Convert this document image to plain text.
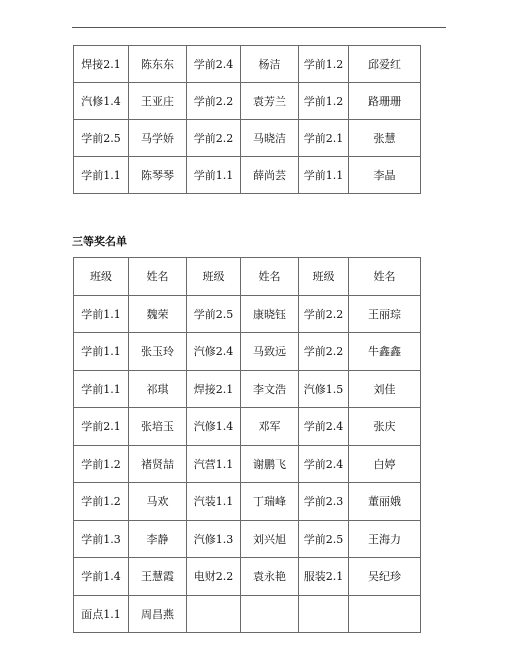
焊接2.1	陈东东	学前2.4	杨洁	学前1.2	邱爱红
汽修1.4	王亚庄	学前2.2	袁芳兰	学前1.2	路珊珊
学前2.5	马学娇	学前2.2	马晓洁	学前2.1	张慧
学前1.1	陈琴琴	学前1.1	薛尚芸	学前1.1	李晶
三等奖名单
班级	姓名	班级	姓名	班级	姓名
学前1.1	魏荣	学前2.5	康晓钰	学前2.2	王丽琮
学前1.1	张玉玲	汽修2.4	马致远	学前2.2	牛鑫鑫
学前1.1	祁琪	焊接2.1	李文浩	汽修1.5	刘佳
学前2.1	张培玉	汽修1.4	邓军	学前2.4	张庆
学前1.2	褚贤喆	汽营1.1	谢鹏飞	学前2.4	白婷
学前1.2	马欢	汽装1.1	丁瑞峰	学前2.3	董丽娥
学前1.3	李静	汽修1.3	刘兴旭	学前2.5	王海力
学前1.4	王慧霞	电财2.2	袁永艳	服装2.1	吴纪珍
面点1.1	周昌燕				
